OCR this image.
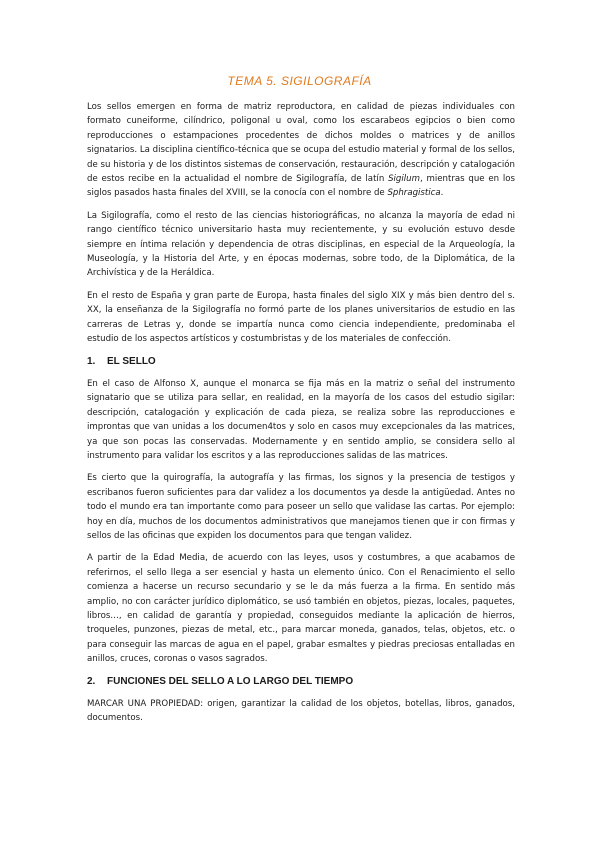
TEMA 5. SIGILOGRAFÍA

Los sellos emergen en forma de matriz reproductora, en calidad de piezas individuales con formato cuneiforme, cilíndrico, poligonal u oval, como los escarabeos egipcios o bien como reproducciones o estampaciones procedentes de dichos moldes o matrices y de anillos signatarios. La disciplina científico-técnica que se ocupa del estudio material y formal de los sellos, de su historia y de los distintos sistemas de conservación, restauración, descripción y catalogación de estos recibe en la actualidad el nombre de Sigilografía, de latín Sigilum, mientras que en los siglos pasados hasta finales del XVIII, se la conocía con el nombre de Sphragistica.

La Sigilografía, como el resto de las ciencias historiográficas, no alcanza la mayoría de edad ni rango científico técnico universitario hasta muy recientemente, y su evolución estuvo desde siempre en íntima relación y dependencia de otras disciplinas, en especial de la Arqueología, la Museología, y la Historia del Arte, y en épocas modernas, sobre todo, de la Diplomática, de la Archivística y de la Heráldica.

En el resto de España y gran parte de Europa, hasta finales del siglo XIX y más bien dentro del s. XX, la enseñanza de la Sigilografía no formó parte de los planes universitarios de estudio en las carreras de Letras y, donde se impartía nunca como ciencia independiente, predominaba el estudio de los aspectos artísticos y costumbristas y de los materiales de confección.

1. EL SELLO

En el caso de Alfonso X, aunque el monarca se fija más en la matriz o señal del instrumento signatario que se utiliza para sellar, en realidad, en la mayoría de los casos del estudio sigilar: descripción, catalogación y explicación de cada pieza, se realiza sobre las reproducciones e improntas que van unidas a los documen4tos y solo en casos muy excepcionales da las matrices, ya que son pocas las conservadas. Modernamente y en sentido amplio, se considera sello al instrumento para validar los escritos y a las reproducciones salidas de las matrices.

Es cierto que la quirografía, la autografía y las firmas, los signos y la presencia de testigos y escribanos fueron suficientes para dar validez a los documentos ya desde la antigüedad. Antes no todo el mundo era tan importante como para poseer un sello que validase las cartas. Por ejemplo: hoy en día, muchos de los documentos administrativos que manejamos tienen que ir con firmas y sellos de las oficinas que expiden los documentos para que tengan validez.

A partir de la Edad Media, de acuerdo con las leyes, usos y costumbres, a que acabamos de referirnos, el sello llega a ser esencial y hasta un elemento único. Con el Renacimiento el sello comienza a hacerse un recurso secundario y se le da más fuerza a la firma. En sentido más amplio, no con carácter jurídico diplomático, se usó también en objetos, piezas, locales, paquetes, libros…, en calidad de garantía y propiedad, conseguidos mediante la aplicación de hierros, troqueles, punzones, piezas de metal, etc., para marcar moneda, ganados, telas, objetos, etc. o para conseguir las marcas de agua en el papel, grabar esmaltes y piedras preciosas entalladas en anillos, cruces, coronas o vasos sagrados.

2. FUNCIONES DEL SELLO A LO LARGO DEL TIEMPO

MARCAR UNA PROPIEDAD: origen, garantizar la calidad de los objetos, botellas, libros, ganados, documentos.
